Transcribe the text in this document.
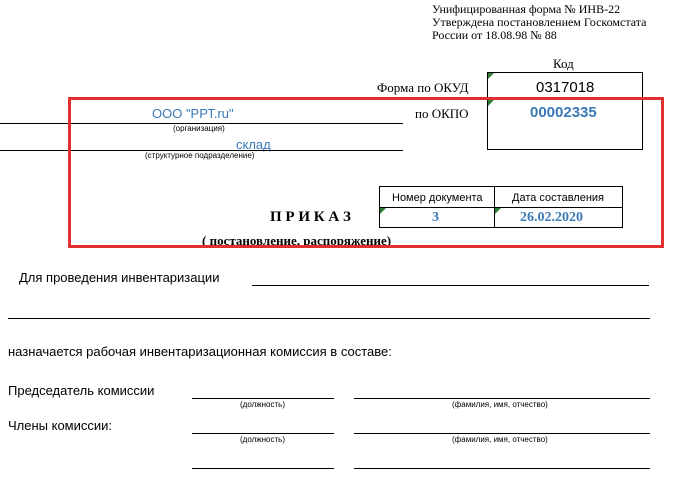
Унифицированная форма № ИНВ-22
Утверждена постановлением Госкомстата
России от 18.08.98 № 88
Код
Форма по ОКУД	0317018
по ОКПО	00002335
ООО "РРТ.ru"
(организация)
склад
(структурное подразделение)
Номер документа	Дата составления
3	26.02.2020
П Р И К А З
( постановление, распоряжение)
Для проведения инвентаризации
назначается рабочая инвентаризационная комиссия в составе:
Председатель комиссии
(должность)	(фамилия, имя, отчество)
Члены комиссии:
(должность)	(фамилия, имя, отчество)
